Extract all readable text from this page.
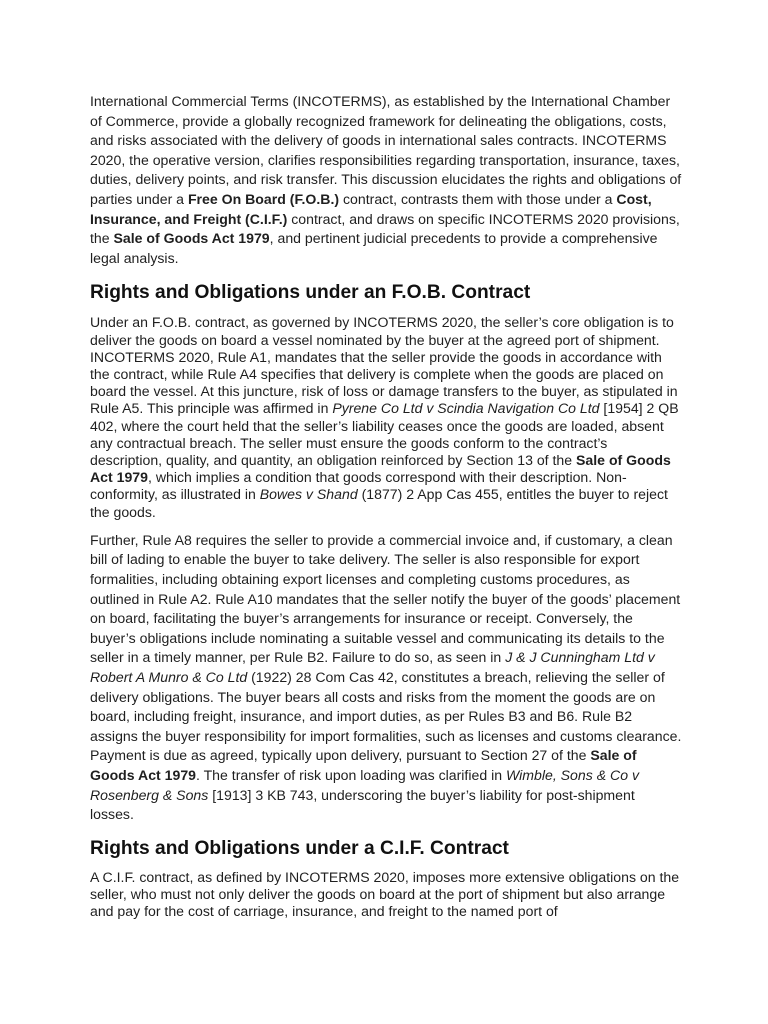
International Commercial Terms (INCOTERMS), as established by the International Chamber of Commerce, provide a globally recognized framework for delineating the obligations, costs, and risks associated with the delivery of goods in international sales contracts. INCOTERMS 2020, the operative version, clarifies responsibilities regarding transportation, insurance, taxes, duties, delivery points, and risk transfer. This discussion elucidates the rights and obligations of parties under a Free On Board (F.O.B.) contract, contrasts them with those under a Cost, Insurance, and Freight (C.I.F.) contract, and draws on specific INCOTERMS 2020 provisions, the Sale of Goods Act 1979, and pertinent judicial precedents to provide a comprehensive legal analysis.

Rights and Obligations under an F.O.B. Contract

Under an F.O.B. contract, as governed by INCOTERMS 2020, the seller’s core obligation is to deliver the goods on board a vessel nominated by the buyer at the agreed port of shipment. INCOTERMS 2020, Rule A1, mandates that the seller provide the goods in accordance with the contract, while Rule A4 specifies that delivery is complete when the goods are placed on board the vessel. At this juncture, risk of loss or damage transfers to the buyer, as stipulated in Rule A5. This principle was affirmed in Pyrene Co Ltd v Scindia Navigation Co Ltd [1954] 2 QB 402, where the court held that the seller’s liability ceases once the goods are loaded, absent any contractual breach. The seller must ensure the goods conform to the contract’s description, quality, and quantity, an obligation reinforced by Section 13 of the Sale of Goods Act 1979, which implies a condition that goods correspond with their description. Non-conformity, as illustrated in Bowes v Shand (1877) 2 App Cas 455, entitles the buyer to reject the goods.

Further, Rule A8 requires the seller to provide a commercial invoice and, if customary, a clean bill of lading to enable the buyer to take delivery. The seller is also responsible for export formalities, including obtaining export licenses and completing customs procedures, as outlined in Rule A2. Rule A10 mandates that the seller notify the buyer of the goods’ placement on board, facilitating the buyer’s arrangements for insurance or receipt. Conversely, the buyer’s obligations include nominating a suitable vessel and communicating its details to the seller in a timely manner, per Rule B2. Failure to do so, as seen in J & J Cunningham Ltd v Robert A Munro & Co Ltd (1922) 28 Com Cas 42, constitutes a breach, relieving the seller of delivery obligations. The buyer bears all costs and risks from the moment the goods are on board, including freight, insurance, and import duties, as per Rules B3 and B6. Rule B2 assigns the buyer responsibility for import formalities, such as licenses and customs clearance. Payment is due as agreed, typically upon delivery, pursuant to Section 27 of the Sale of Goods Act 1979. The transfer of risk upon loading was clarified in Wimble, Sons & Co v Rosenberg & Sons [1913] 3 KB 743, underscoring the buyer’s liability for post-shipment losses.

Rights and Obligations under a C.I.F. Contract

A C.I.F. contract, as defined by INCOTERMS 2020, imposes more extensive obligations on the seller, who must not only deliver the goods on board at the port of shipment but also arrange and pay for the cost of carriage, insurance, and freight to the named port of
